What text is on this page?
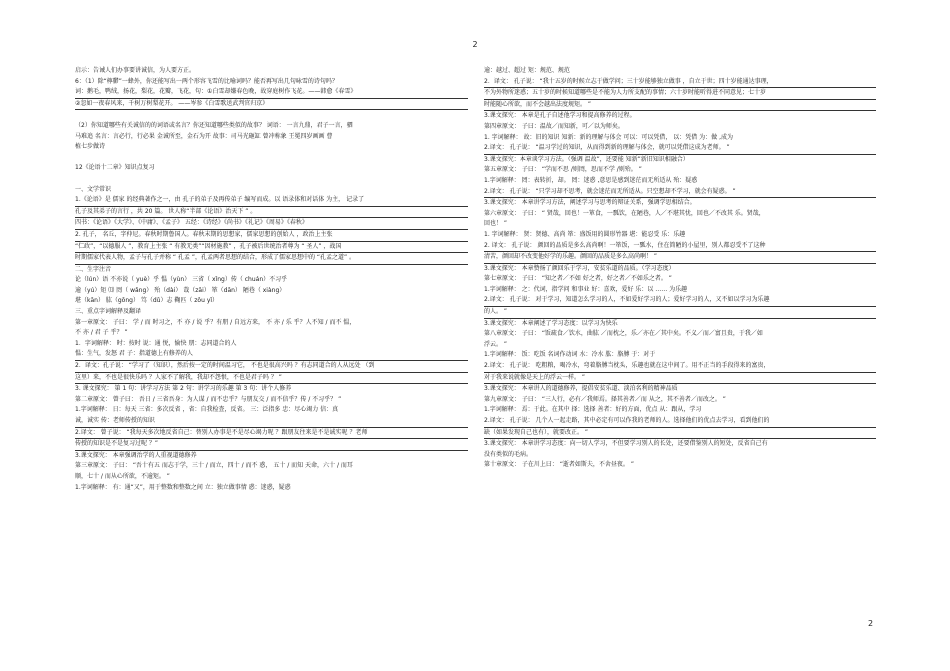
2
启示：告诫人们办事要讲诚信，为人要方正。
6：（1）除“檸鬱”一蜂外，你还能写出一两个形容飞雪的比喻词吗？能否再写出几句咏雪的诗句吗？
词：鹅毛，鸭绒，扬花，梨花，花瓣，飞花，句：①白雪却嫌春色晚，故穿庭树作飞花。——韩愈《春雪》
②忽如一夜春风来，千树万树梨花开。 ——岑参《白雪歌送武判官归京》
（2）你知道哪些有关诚信的的词语或名言？你还知道哪些类似的故事？ 词语： 一言九鼎，君子一言，驷
马难追 名言：言必行，行必果 金诚所至，金石为开 故事：司马光砸缸 曾冲称象 王冕四岁画画 曹
植七步做诗
12《论语十二章》知识点复习
一、文学常识
1.《论语》是 儒家 的经典著作之一，由 孔子的弟子及再传弟子 编写而成。以 语录体和对话体 为主， 记录了
孔子及其弟子的言行 ，共 20 篇。 世人称“半部《论语》治天下 ” 。
四书：《论语》《大学》、《中庸》、《孟子》 五经：《诗经》《尚书》《礼记》《周易》《春秋》
2. 孔子， 名丘，字仲尼。春秋时期鲁国人。春秋末期的思想家，儒家思想的创始人 ，政治上主张
“仁政”，“以德服人 ”，教育上主张 “ 有教无类”“因材施教” ，孔子被后世统治者尊为 “ 圣人” ，战国
时期儒家代表人物，孟子与孔子并称 “ 孔孟 ”，孔孟两者思想的结合，形成了儒家思想中的 “孔孟之道” 。
二、生字注音
论（lún）语 不亦说（ yuè）乎 愠（yùn） 三省（ xǐng）传（ chuán）不习乎
逾（yú）矩 ⒀ 罔（ wǎng） 殆（dài） 哉（zāi） 箪（dān） 陋巷（ xiàng）
堪（kān） 肱（gōng） 笃（dǔ）志 鞠匹（ zǒu yǐ）
三、重点字词解释及翻译
第一章原文： 子曰： 学 / 而 时习之，不 亦 / 说 乎？有朋 / 自远方来， 不 亦 / 乐 乎？人不知 / 而不 愠，
不 亦 / 君 子 乎？ ”
1．字词解释： 时：按时 说：通 悦，愉快 朋：志同道合的人
愠：生气，发怒 君 子：指道德上有修养的人
2．译文：孔子说： “学习了（知识），然后按一定的时间温习它， 不也是很高兴吗 ？有志同道合的人从远处 （到
这里）来，不也是很快乐吗 ？人家不了解我，我却不怨恨，不也是君子吗 ？ ”
3. 课文探究： 第 1 句：讲学习方法 第 2 句：讲学习的乐趣 第 3 句：讲个人修养
第二章原文： 曾子曰： 吾日 / 三省吾身：为人谋 / 而不忠乎？与朋友交 / 而不信乎？传 / 不习乎？ ”
1.字词解释： 日：每天 三省：多次反省 ，省：自我检查，反省。 三：泛指多 忠：尽心竭力 信：真
诚，诚实 传：老师传授的知识
2.译文： 曾子说： “我每天多次地反省自己：替别人办事是不是尽心竭力呢 ？跟朋友往来是不是诚实呢 ？老师
传授的知识是不是复习过呢 ？”
3.课文探究： 本章强调治学的人重视道德修养
第三章原文： 子曰： “吾十有五 而志于学，三十 / 而立，四十 / 而不 惑， 五十 / 而知 天命，六十 / 而耳
顺，七十 / 而从心所欲，不逾矩。 ”
1.字词解释： 有：通“又”，用于整数和整数之间 立：独立做事情 惑：迷惑，疑惑
逾：越过、超过 矩：规范、规范
2．译文： 孔子说： “我十五岁的时候立志于做学问；三十岁能够独立做事 ，自立于世；四十岁能通达事理，
不为外物所迷惑；五十岁的时候知道哪些是不能为人力所支配的事情；六十岁时能听得进不同意见；七十岁
时能随心所欲，而不会越出法度规矩。 ”
3.课文探究： 本章是孔子自述他学习和提高修养的过程。
第四章原文： 子曰：温故／而知新，可／以为师矣。
1. 字词解释： 故：旧的知识 知新：新的理解与体会 可以：可以凭借， 以：凭借 为：做 ,成为
2.译文： 孔子说： “温习学过的知识，从而得到新的理解与体会，就可以凭借这成为老师。 ”
3.课文探究：本章谈学习方法。（强调 温故”，还要能 知新”新旧知识相融合）
第五章原文： 子曰： “学而不思 /则罔，思而不学 /则殆。 ”
1.字词解释： 罔：表转折，却。 罔：迷惑 ,意思是感到迷茫而无所适从 殆：疑惑
2.译文： 孔子说： “只学习却不思考，就会迷茫而无所适从。只空想却不学习，就会有疑惑。 ”
3.课文探究： 本章讲学习方法，阐述学习与思考的辩证关系，强调学思相结合。
第六章原文： 子曰： “ 贤哉，回也！一箪食，一瓢饮，在陋巷，人／不堪其忧，回也／不改其 乐。贤哉，
回也！ ”
1. 字词解释： 贤：贤德、高尚 箪：盛饭用的圆形竹器 堪：能忍受 乐：乐趣
2. 译文： 孔子说： 颜回的品质是多么高尚啊！一箪饭，一瓢水，住在简陋的小屋里，别人都忍受不了这种
清苦，颜回却不改变他好学的乐趣。颜回的品质是多么高尚啊！ ”
3.课文探究： 本章赞扬了颜回乐于学习，安贫乐道的品质。（学习态度）
第七章原文： 子曰： “知之者／不如 好之者，好之者／不如乐之者。 ”
1.字词解释： 之：代词，指学问 和事业 好：喜欢，爱好 乐：以 …… 为乐趣
2.译文： 孔子说： 对于学习，知道怎么学习的人，不如爱好学习的人；爱好学习的人，又不如以学习为乐趣
的人。 ”
3.课文探究： 本章阐述了学习态度：以学习为快乐
第八章原文： 子曰： “饭疏食／饮水，曲肱 ／而枕之，乐／亦在／其中矣。不义／而／富且贵，于我／如
浮云。 ”
1.字词解释： 饭：吃饭 名词作动词 水：冷水 肱：胳膊 于：对于
2.译文： 孔子说： 吃粗粮，喝冷水，弯着胳膊当枕头，乐趣也就在这中间了。用不正当的手段得来的富贵，
对于我来说就像是天上的浮云一样。 ”
3.课文探究： 本章讲人的道德修养，提倡安贫乐道、淡泊名利的精神品质
第九章原文： 子曰： “三人行，必有／我师焉。择其善者／而 从之，其不善者／而改之。 ”
1.字词解释： 焉：于此。在其中 择：选择 善者：好的方面，优点 从：跟从，学习
2.译文： 孔子说： 几个人一起走路，其中必定有可以作我的老师的人。选择他们的优点去学习，看到他们的
缺（如果发现自己也有），就要改正。 ”
3.课文探究： 本章讲学习态度：向一切人学习，不但要学习别人的长处，还要借鉴别人的短处，反省自己有
没有类似的毛病。
第十章原文： 子在川上曰： “逝者如斯夫，不舍昼夜。 ”
2
